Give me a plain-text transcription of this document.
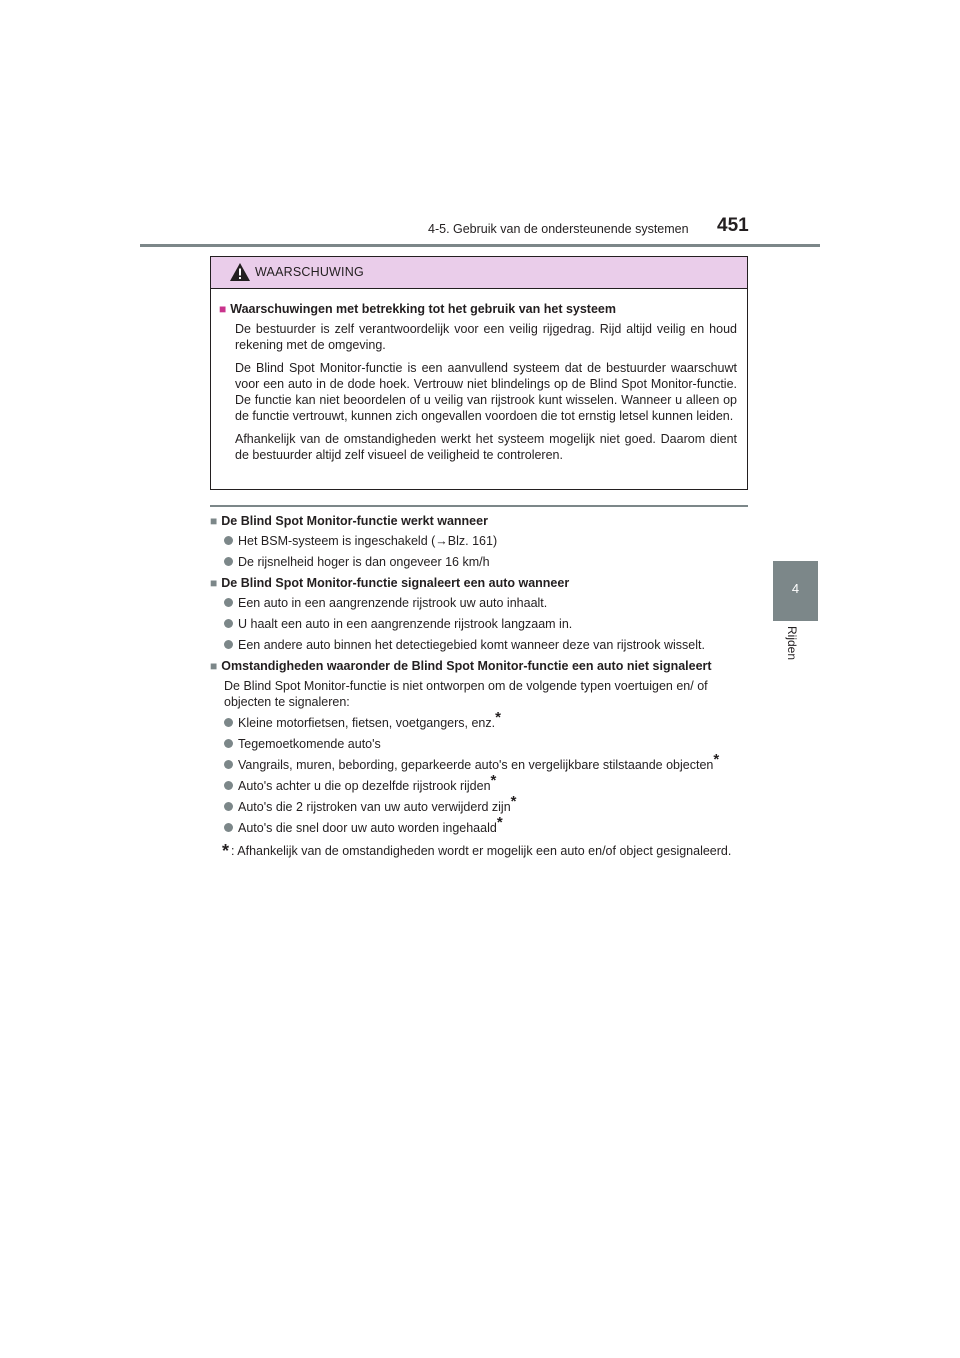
4-5. Gebruik van de ondersteunende systemen 451
4
Rijden
WAARSCHUWING
■ Waarschuwingen met betrekking tot het gebruik van het systeem

De bestuurder is zelf verantwoordelijk voor een veilig rijgedrag. Rijd altijd veilig en houd rekening met de omgeving.

De Blind Spot Monitor-functie is een aanvullend systeem dat de bestuurder waarschuwt voor een auto in de dode hoek. Vertrouw niet blindelings op de Blind Spot Monitor-functie. De functie kan niet beoordelen of u veilig van rijstrook kunt wisselen. Wanneer u alleen op de functie vertrouwt, kunnen zich ongevallen voordoen die tot ernstig letsel kunnen leiden.

Afhankelijk van de omstandigheden werkt het systeem mogelijk niet goed. Daarom dient de bestuurder altijd zelf visueel de veiligheid te controleren.

■ De Blind Spot Monitor-functie werkt wanneer
Het BSM-systeem is ingeschakeld (→Blz. 161)
De rijsnelheid hoger is dan ongeveer 16 km/h
■ De Blind Spot Monitor-functie signaleert een auto wanneer
Een auto in een aangrenzende rijstrook uw auto inhaalt.
U haalt een auto in een aangrenzende rijstrook langzaam in.
Een andere auto binnen het detectiegebied komt wanneer deze van rijstrook wisselt.
■ Omstandigheden waaronder de Blind Spot Monitor-functie een auto niet signaleert
De Blind Spot Monitor-functie is niet ontworpen om de volgende typen voertuigen en/ of objecten te signaleren:
Kleine motorfietsen, fietsen, voetgangers, enz.*
Tegemoetkomende auto's
Vangrails, muren, bebording, geparkeerde auto's en vergelijkbare stilstaande objecten*
Auto's achter u die op dezelfde rijstrook rijden*
Auto's die 2 rijstroken van uw auto verwijderd zijn*
Auto's die snel door uw auto worden ingehaald*
* : Afhankelijk van de omstandigheden wordt er mogelijk een auto en/of object gesignaleerd.
